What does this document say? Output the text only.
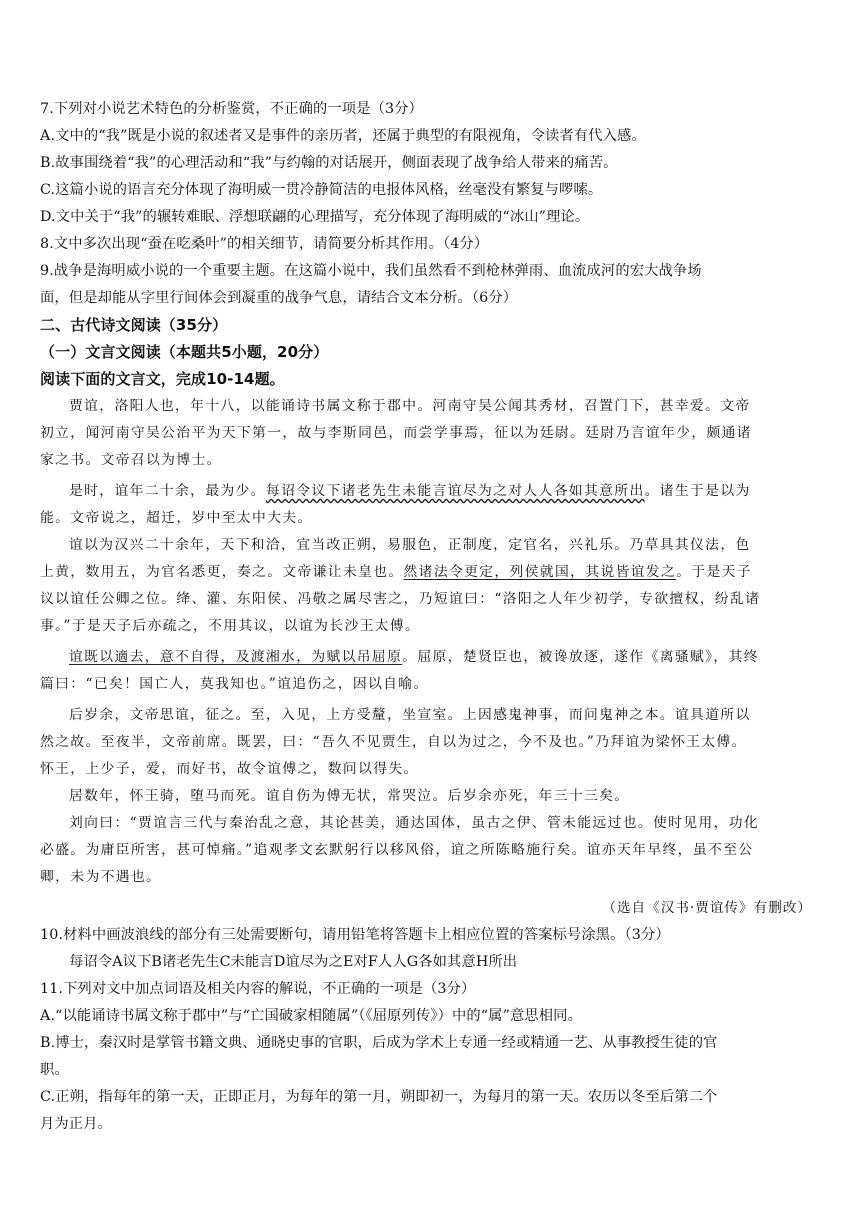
7.下列对小说艺术特色的分析鉴赏，不正确的一项是（3分）
A.文中的“我”既是小说的叙述者又是事件的亲历者，还属于典型的有限视角，令读者有代入感。
B.故事围绕着“我”的心理活动和“我”与约翰的对话展开，侧面表现了战争给人带来的痛苦。
C.这篇小说的语言充分体现了海明威一贯冷静简洁的电报体风格，丝毫没有繁复与啰嗦。
D.文中关于“我”的辗转难眠、浮想联翩的心理描写，充分体现了海明威的“冰山”理论。
8.文中多次出现“蚕在吃桑叶”的相关细节，请简要分析其作用。（4分）
9.战争是海明威小说的一个重要主题。在这篇小说中，我们虽然看不到枪林弹雨、血流成河的宏大战争场
面，但是却能从字里行间体会到凝重的战争气息，请结合文本分析。（6分）
二、古代诗文阅读（35分）
（一）文言文阅读（本题共5小题，20分）
阅读下面的文言文，完成10-14题。
贾谊，洛阳人也，年十八，以能诵诗书属文称于郡中。河南守吴公闻其秀材，召置门下，甚幸爱。文帝
初立，闻河南守吴公治平为天下第一，故与李斯同邑，而尝学事焉，征以为廷尉。廷尉乃言谊年少，颇通诸
家之书。文帝召以为博士。
是时，谊年二十余，最为少。每诏令议下诸老先生未能言谊尽为之对人人各如其意所出。诸生于是以为
能。文帝说之，超迁，岁中至太中大夫。
谊以为汉兴二十余年，天下和洽，宜当改正朔，易服色，正制度，定官名，兴礼乐。乃草具其仪法，色
上黄，数用五，为官名悉更，奏之。文帝谦让未皇也。然诸法令更定，列侯就国，其说皆谊发之。于是天子
议以谊任公卿之位。绛、灌、东阳侯、冯敬之属尽害之，乃短谊曰：“洛阳之人年少初学，专欲擅权，纷乱诸
事。”于是天子后亦疏之，不用其议，以谊为长沙王太傅。
谊既以適去，意不自得，及渡湘水，为赋以吊屈原。屈原，楚贤臣也，被谗放逐，遂作《离骚赋》，其终
篇曰：“已矣！国亡人，莫我知也。”谊追伤之，因以自喻。
后岁余，文帝思谊，征之。至，入见，上方受釐，坐宣室。上因感鬼神事，而问鬼神之本。谊具道所以
然之故。至夜半，文帝前席。既罢，曰：“吾久不见贾生，自以为过之，今不及也。”乃拜谊为梁怀王太傅。
怀王，上少子，爱，而好书，故令谊傅之，数问以得失。
居数年，怀王骑，堕马而死。谊自伤为傅无状，常哭泣。后岁余亦死，年三十三矣。
刘向曰：“贾谊言三代与秦治乱之意，其论甚美，通达国体，虽古之伊、管未能远过也。使时见用，功化
必盛。为庸臣所害，甚可悼痛。”追观孝文玄默躬行以移风俗，谊之所陈略施行矣。谊亦天年早终，虽不至公
卿，未为不遇也。
（选自《汉书·贾谊传》有删改）
10.材料中画波浪线的部分有三处需要断句，请用铅笔将答题卡上相应位置的答案标号涂黑。（3分）
每诏令A议下B诸老先生C未能言D谊尽为之E对F人人G各如其意H所出
11.下列对文中加点词语及相关内容的解说，不正确的一项是（3分）
A.“以能诵诗书属文称于郡中”与“亡国破家相随属”（《屈原列传》）中的“属”意思相同。
B.博士，秦汉时是掌管书籍文典、通晓史事的官职，后成为学术上专通一经或精通一艺、从事教授生徒的官
职。
C.正朔，指每年的第一天，正即正月，为每年的第一月，朔即初一，为每月的第一天。农历以冬至后第二个
月为正月。
